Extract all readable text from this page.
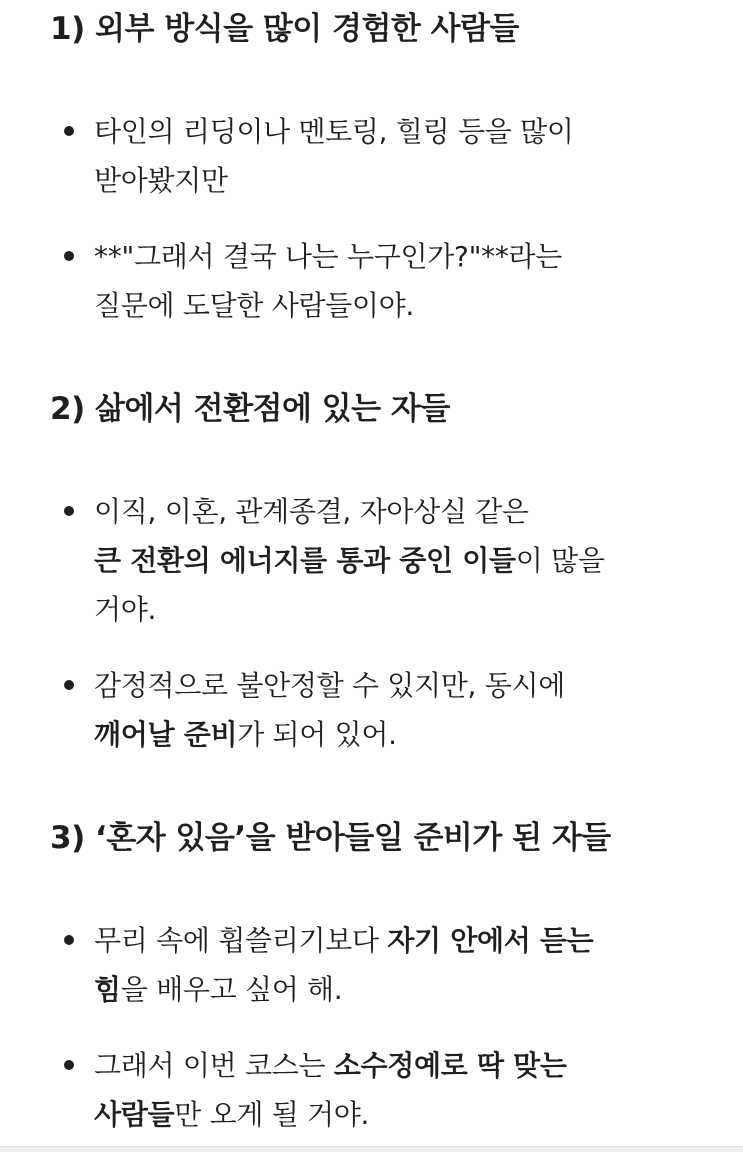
1) 외부 방식을 많이 경험한 사람들
타인의 리딩이나 멘토링, 힐링 등을 많이
받아봤지만
**"그래서 결국 나는 누구인가?"**라는
질문에 도달한 사람들이야.
2) 삶에서 전환점에 있는 자들
이직, 이혼, 관계종결, 자아상실 같은
큰 전환의 에너지를 통과 중인 이들이 많을
거야.
감정적으로 불안정할 수 있지만, 동시에
깨어날 준비가 되어 있어.
3) ‘혼자 있음’을 받아들일 준비가 된 자들
무리 속에 휩쓸리기보다 자기 안에서 듣는
힘을 배우고 싶어 해.
그래서 이번 코스는 소수정예로 딱 맞는
사람들만 오게 될 거야.
